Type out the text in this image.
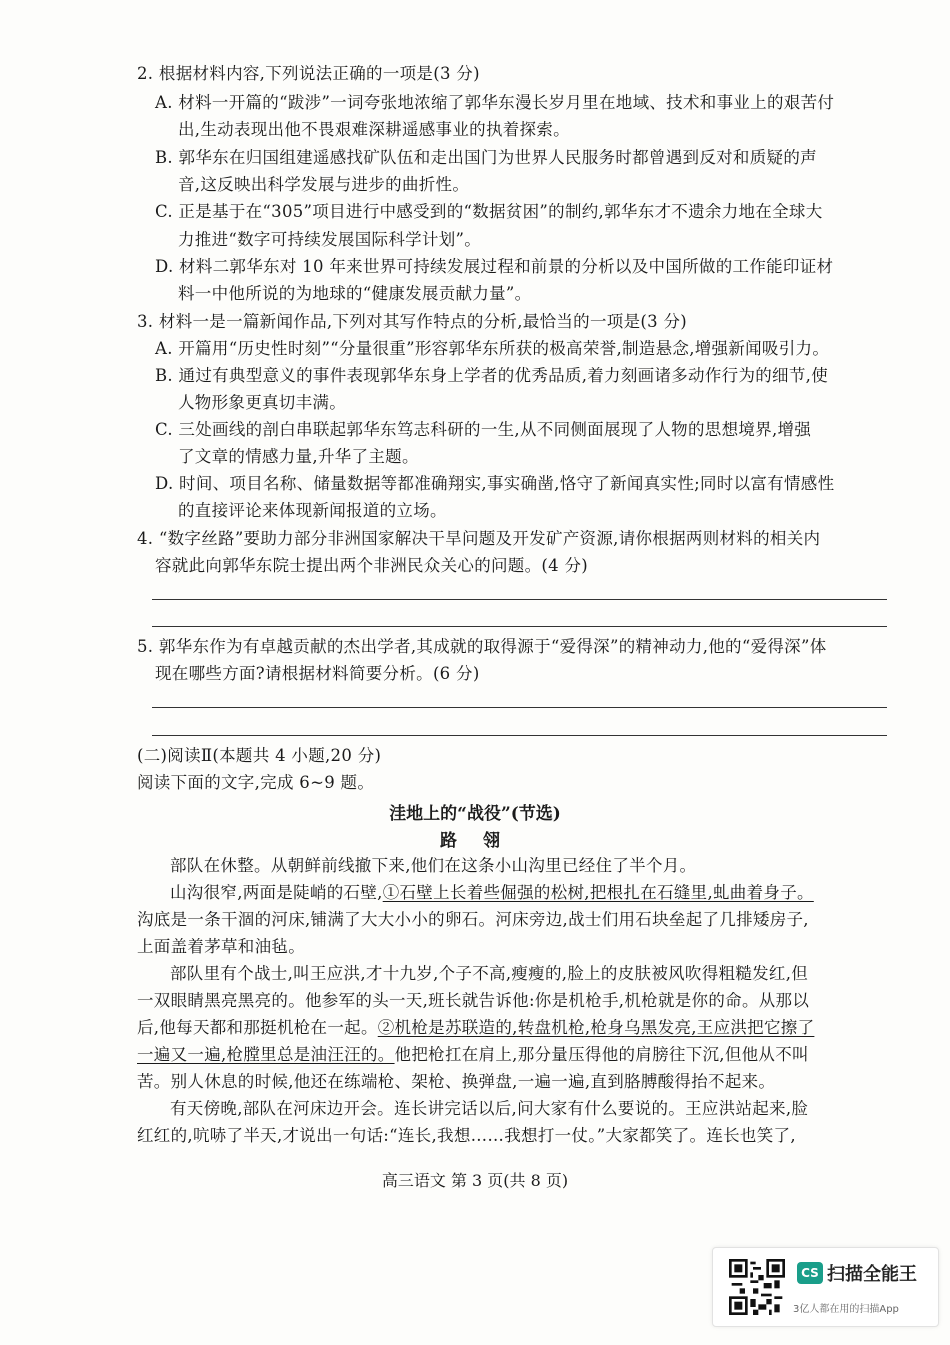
2. 根据材料内容,下列说法正确的一项是(3 分)
A. 材料一开篇的“跋涉”一词夸张地浓缩了郭华东漫长岁月里在地域、技术和事业上的艰苦付
出,生动表现出他不畏艰难深耕遥感事业的执着探索。
B. 郭华东在归国组建遥感找矿队伍和走出国门为世界人民服务时都曾遇到反对和质疑的声
音,这反映出科学发展与进步的曲折性。
C. 正是基于在“305”项目进行中感受到的“数据贫困”的制约,郭华东才不遗余力地在全球大
力推进“数字可持续发展国际科学计划”。
D. 材料二郭华东对 10 年来世界可持续发展过程和前景的分析以及中国所做的工作能印证材
料一中他所说的为地球的“健康发展贡献力量”。
3. 材料一是一篇新闻作品,下列对其写作特点的分析,最恰当的一项是(3 分)
A. 开篇用“历史性时刻”“分量很重”形容郭华东所获的极高荣誉,制造悬念,增强新闻吸引力。
B. 通过有典型意义的事件表现郭华东身上学者的优秀品质,着力刻画诸多动作行为的细节,使
人物形象更真切丰满。
C. 三处画线的剖白串联起郭华东笃志科研的一生,从不同侧面展现了人物的思想境界,增强
了文章的情感力量,升华了主题。
D. 时间、项目名称、储量数据等都准确翔实,事实确凿,恪守了新闻真实性;同时以富有情感性
的直接评论来体现新闻报道的立场。
4. “数字丝路”要助力部分非洲国家解决干旱问题及开发矿产资源,请你根据两则材料的相关内
容就此向郭华东院士提出两个非洲民众关心的问题。(4 分)
5. 郭华东作为有卓越贡献的杰出学者,其成就的取得源于“爱得深”的精神动力,他的“爱得深”体
现在哪些方面?请根据材料简要分析。(6 分)
(二)阅读Ⅱ(本题共 4 小题,20 分)
阅读下面的文字,完成 6~9 题。
洼地上的“战役”(节选)
路 翎
部队在休整。从朝鲜前线撤下来,他们在这条小山沟里已经住了半个月。
山沟很窄,两面是陡峭的石壁,①石壁上长着些倔强的松树,把根扎在石缝里,虬曲着身子。
沟底是一条干涸的河床,铺满了大大小小的卵石。河床旁边,战士们用石块垒起了几排矮房子,
上面盖着茅草和油毡。
部队里有个战士,叫王应洪,才十九岁,个子不高,瘦瘦的,脸上的皮肤被风吹得粗糙发红,但
一双眼睛黑亮黑亮的。他参军的头一天,班长就告诉他:你是机枪手,机枪就是你的命。从那以
后,他每天都和那挺机枪在一起。②机枪是苏联造的,转盘机枪,枪身乌黑发亮,王应洪把它擦了
一遍又一遍,枪膛里总是油汪汪的。他把枪扛在肩上,那分量压得他的肩膀往下沉,但他从不叫
苦。别人休息的时候,他还在练端枪、架枪、换弹盘,一遍一遍,直到胳膊酸得抬不起来。
有天傍晚,部队在河床边开会。连长讲完话以后,问大家有什么要说的。王应洪站起来,脸
红红的,吭哧了半天,才说出一句话:“连长,我想……我想打一仗。”大家都笑了。连长也笑了,
高三语文 第 3 页(共 8 页)
CS 扫描全能王
3亿人都在用的扫描App
